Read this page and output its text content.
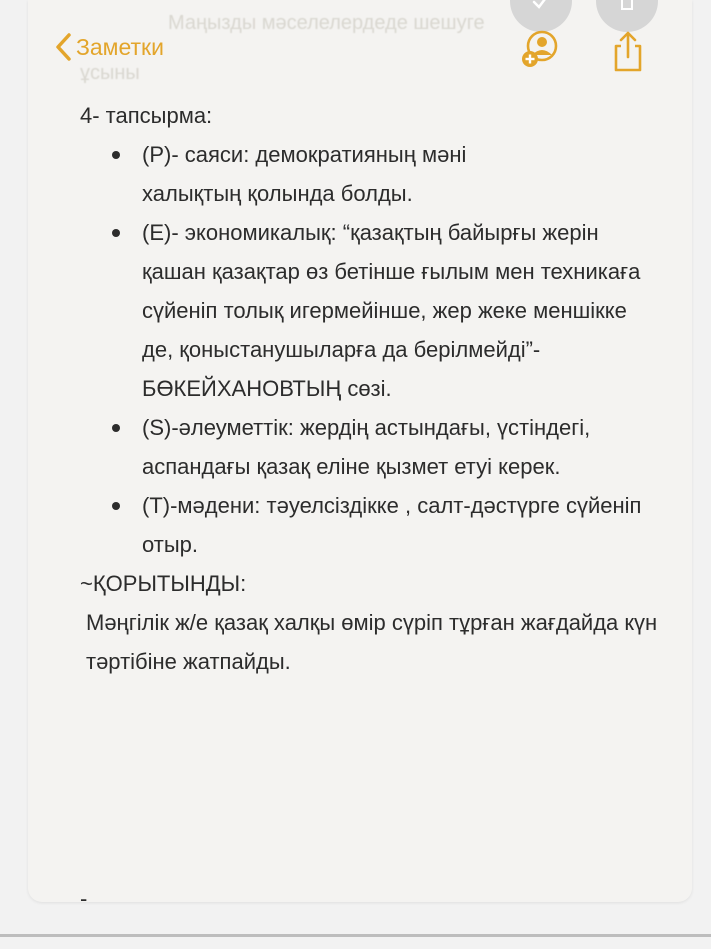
Маңызды мәселелердеде шешуге
ұсыны
Заметки

4- тапсырма:

(Р)- саяси: демократияның мәні
халықтың қолында болды.
(Е)- экономикалық: “қазақтың байырғы жерін қашан қазақтар өз бетінше ғылым мен техникаға сүйеніп толық игермейінше, жер жеке меншікке де, қоныстанушыларға да берілмейді”- БӨКЕЙХАНОВТЫҢ сөзі.
(S)-әлеуметтік: жердің астындағы, үстіндегі, аспандағы қазақ еліне қызмет етуі керек.
(Т)-мәдени: тәуелсіздікке , салт-дәстүрге сүйеніп отыр.

~ҚОРЫТЫНДЫ:

Мәңгілік ж/е қазақ халқы өмір сүріп тұрған жағдайда күн тәртібіне жатпайды.

-
